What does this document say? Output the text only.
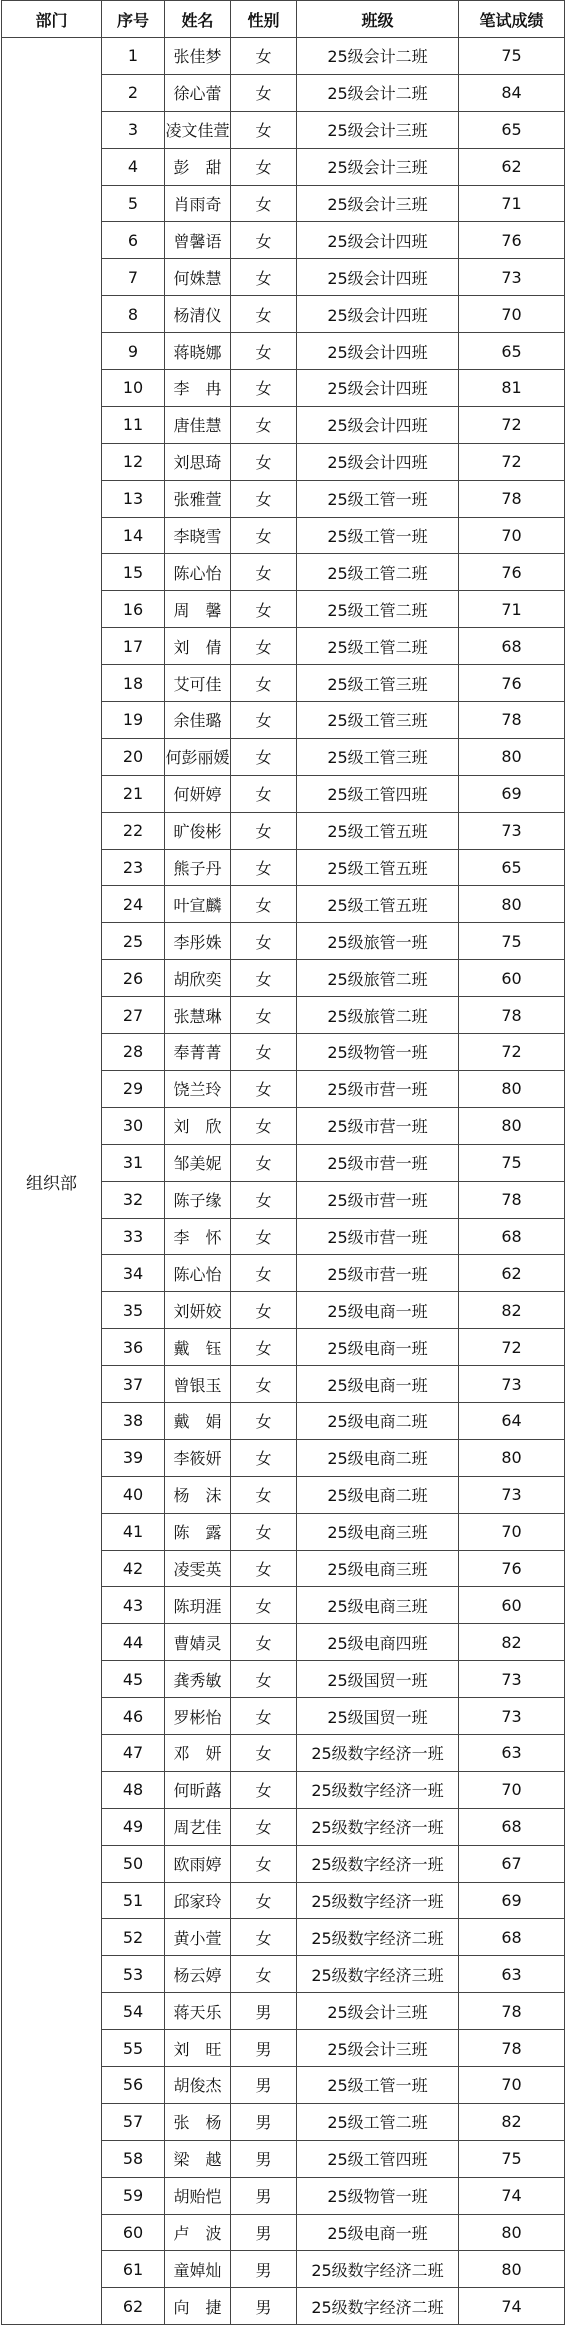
部门	序号	姓名	性别	班级	笔试成绩
组织部	1	张佳梦	女	25级会计二班	75
	2	徐心蕾	女	25级会计二班	84
	3	凌文佳萱	女	25级会计三班	65
	4	彭　甜	女	25级会计三班	62
	5	肖雨奇	女	25级会计三班	71
	6	曾馨语	女	25级会计四班	76
	7	何姝慧	女	25级会计四班	73
	8	杨清仪	女	25级会计四班	70
	9	蒋晓娜	女	25级会计四班	65
	10	李　冉	女	25级会计四班	81
	11	唐佳慧	女	25级会计四班	72
	12	刘思琦	女	25级会计四班	72
	13	张雅萱	女	25级工管一班	78
	14	李晓雪	女	25级工管一班	70
	15	陈心怡	女	25级工管二班	76
	16	周　馨	女	25级工管二班	71
	17	刘　倩	女	25级工管二班	68
	18	艾可佳	女	25级工管三班	76
	19	余佳璐	女	25级工管三班	78
	20	何彭丽媛	女	25级工管三班	80
	21	何妍婷	女	25级工管四班	69
	22	旷俊彬	女	25级工管五班	73
	23	熊子丹	女	25级工管五班	65
	24	叶宣麟	女	25级工管五班	80
	25	李彤姝	女	25级旅管一班	75
	26	胡欣奕	女	25级旅管二班	60
	27	张慧琳	女	25级旅管二班	78
	28	奉菁菁	女	25级物管一班	72
	29	饶兰玲	女	25级市营一班	80
	30	刘　欣	女	25级市营一班	80
	31	邹美妮	女	25级市营一班	75
	32	陈子缘	女	25级市营一班	78
	33	李　怀	女	25级市营一班	68
	34	陈心怡	女	25级市营一班	62
	35	刘妍姣	女	25级电商一班	82
	36	戴　钰	女	25级电商一班	72
	37	曾银玉	女	25级电商一班	73
	38	戴　娟	女	25级电商二班	64
	39	李筱妍	女	25级电商二班	80
	40	杨　沫	女	25级电商二班	73
	41	陈　露	女	25级电商三班	70
	42	凌雯英	女	25级电商三班	76
	43	陈玥涯	女	25级电商三班	60
	44	曹婧灵	女	25级电商四班	82
	45	龚秀敏	女	25级国贸一班	73
	46	罗彬怡	女	25级国贸一班	73
	47	邓　妍	女	25级数字经济一班	63
	48	何昕蕗	女	25级数字经济一班	70
	49	周艺佳	女	25级数字经济一班	68
	50	欧雨婷	女	25级数字经济一班	67
	51	邱家玲	女	25级数字经济一班	69
	52	黄小萱	女	25级数字经济二班	68
	53	杨云婷	女	25级数字经济三班	63
	54	蒋天乐	男	25级会计三班	78
	55	刘　旺	男	25级会计三班	78
	56	胡俊杰	男	25级工管一班	70
	57	张　杨	男	25级工管二班	82
	58	梁　越	男	25级工管四班	75
	59	胡贻恺	男	25级物管一班	74
	60	卢　波	男	25级电商一班	80
	61	童婥灿	男	25级数字经济二班	80
	62	向　捷	男	25级数字经济二班	74
